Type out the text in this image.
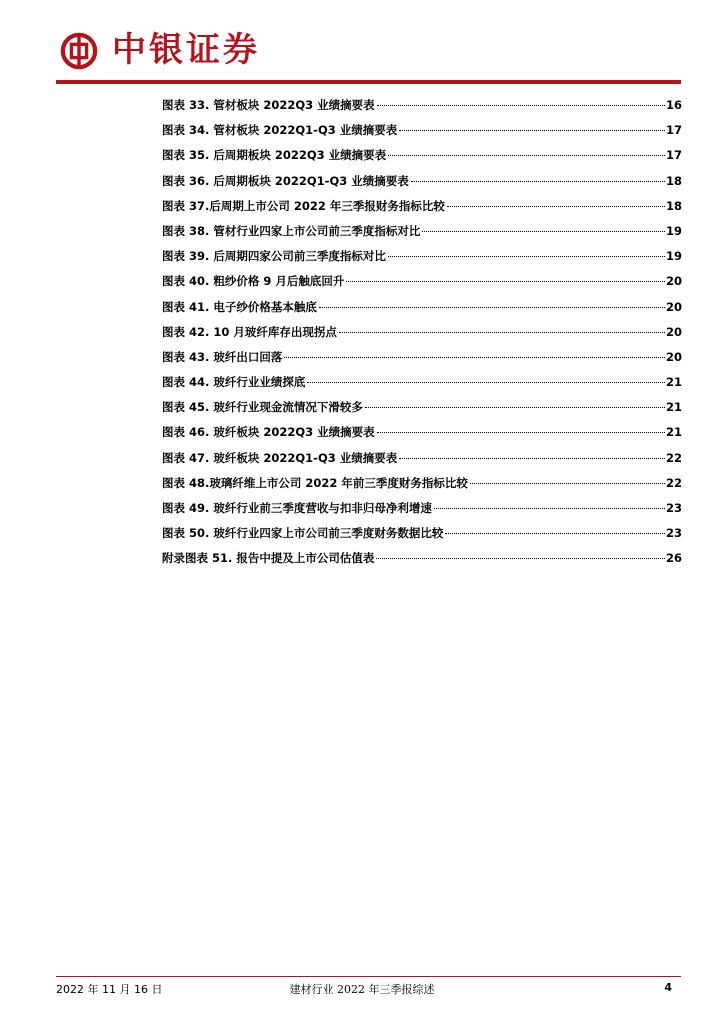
中银证券
图表 33. 管材板块 2022Q3 业绩摘要表	16
图表 34. 管材板块 2022Q1-Q3 业绩摘要表	17
图表 35. 后周期板块 2022Q3 业绩摘要表	17
图表 36. 后周期板块 2022Q1-Q3 业绩摘要表	18
图表 37.后周期上市公司 2022 年三季报财务指标比较	18
图表 38. 管材行业四家上市公司前三季度指标对比	19
图表 39. 后周期四家公司前三季度指标对比	19
图表 40. 粗纱价格 9 月后触底回升	20
图表 41. 电子纱价格基本触底	20
图表 42. 10 月玻纤库存出现拐点	20
图表 43. 玻纤出口回落	20
图表 44. 玻纤行业业绩探底	21
图表 45. 玻纤行业现金流情况下滑较多	21
图表 46. 玻纤板块 2022Q3 业绩摘要表	21
图表 47. 玻纤板块 2022Q1-Q3 业绩摘要表	22
图表 48.玻璃纤维上市公司 2022 年前三季度财务指标比较	22
图表 49. 玻纤行业前三季度营收与扣非归母净利增速	23
图表 50. 玻纤行业四家上市公司前三季度财务数据比较	23
附录图表 51. 报告中提及上市公司估值表	26
2022 年 11 月 16 日	建材行业 2022 年三季报综述	4
